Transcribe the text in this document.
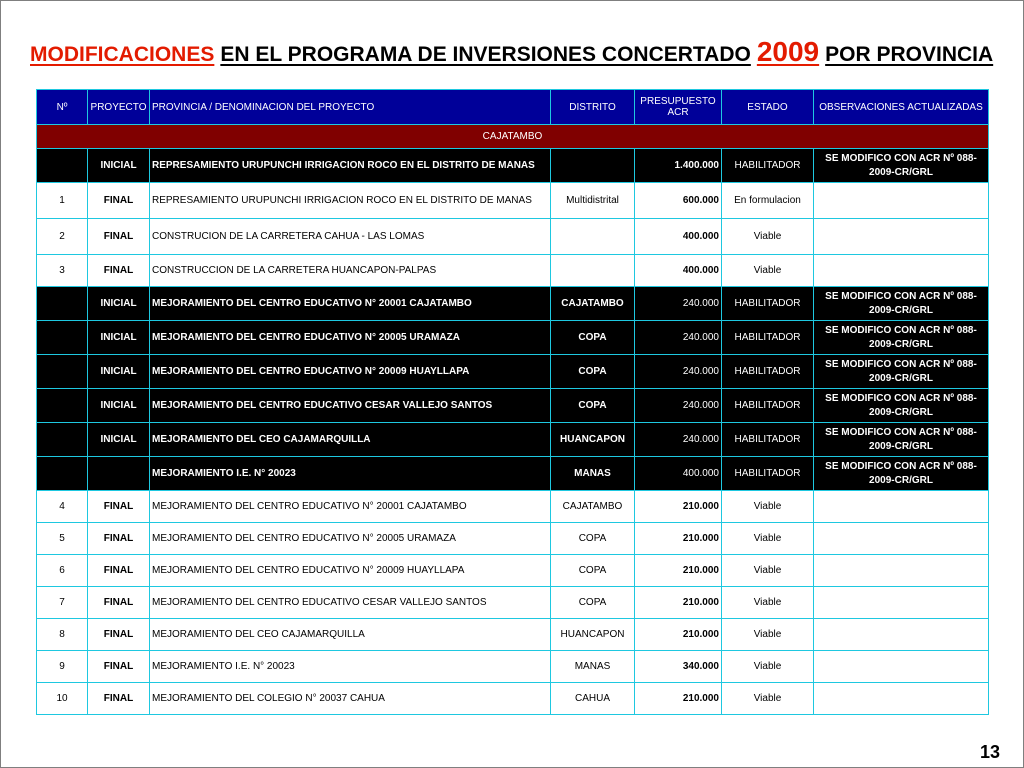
MODIFICACIONES EN EL PROGRAMA DE INVERSIONES CONCERTADO 2009 POR PROVINCIA
Nº	PROYECTO	PROVINCIA / DENOMINACION DEL PROYECTO	DISTRITO	PRESUPUESTO ACR	ESTADO	OBSERVACIONES ACTUALIZADAS
CAJATAMBO						
	INICIAL	REPRESAMIENTO URUPUNCHI IRRIGACION ROCO EN EL DISTRITO DE MANAS		1.400.000	HABILITADOR	SE MODIFICO CON ACR Nº 088-2009-CR/GRL
1	FINAL	REPRESAMIENTO URUPUNCHI IRRIGACION ROCO EN EL DISTRITO DE MANAS	Multidistrital	600.000	En formulacion	
2	FINAL	CONSTRUCION DE LA CARRETERA CAHUA - LAS LOMAS		400.000	Viable	
3	FINAL	CONSTRUCCION DE LA CARRETERA HUANCAPON-PALPAS		400.000	Viable	
	INICIAL	MEJORAMIENTO DEL CENTRO EDUCATIVO N° 20001 CAJATAMBO	CAJATAMBO	240.000	HABILITADOR	SE MODIFICO CON ACR Nº 088-2009-CR/GRL
	INICIAL	MEJORAMIENTO DEL CENTRO EDUCATIVO N° 20005 URAMAZA	COPA	240.000	HABILITADOR	SE MODIFICO CON ACR Nº 088-2009-CR/GRL
	INICIAL	MEJORAMIENTO DEL CENTRO EDUCATIVO N° 20009 HUAYLLAPA	COPA	240.000	HABILITADOR	SE MODIFICO CON ACR Nº 088-2009-CR/GRL
	INICIAL	MEJORAMIENTO DEL CENTRO EDUCATIVO CESAR VALLEJO SANTOS	COPA	240.000	HABILITADOR	SE MODIFICO CON ACR Nº 088-2009-CR/GRL
	INICIAL	MEJORAMIENTO DEL CEO CAJAMARQUILLA	HUANCAPON	240.000	HABILITADOR	SE MODIFICO CON ACR Nº 088-2009-CR/GRL
		MEJORAMIENTO I.E. N° 20023	MANAS	400.000	HABILITADOR	SE MODIFICO CON ACR Nº 088-2009-CR/GRL
4	FINAL	MEJORAMIENTO DEL CENTRO EDUCATIVO N° 20001 CAJATAMBO	CAJATAMBO	210.000	Viable	
5	FINAL	MEJORAMIENTO DEL CENTRO EDUCATIVO N° 20005 URAMAZA	COPA	210.000	Viable	
6	FINAL	MEJORAMIENTO DEL CENTRO EDUCATIVO N° 20009 HUAYLLAPA	COPA	210.000	Viable	
7	FINAL	MEJORAMIENTO DEL CENTRO EDUCATIVO CESAR VALLEJO SANTOS	COPA	210.000	Viable	
8	FINAL	MEJORAMIENTO DEL CEO CAJAMARQUILLA	HUANCAPON	210.000	Viable	
9	FINAL	MEJORAMIENTO I.E. N° 20023	MANAS	340.000	Viable	
10	FINAL	MEJORAMIENTO DEL COLEGIO N° 20037 CAHUA	CAHUA	210.000	Viable	
13
